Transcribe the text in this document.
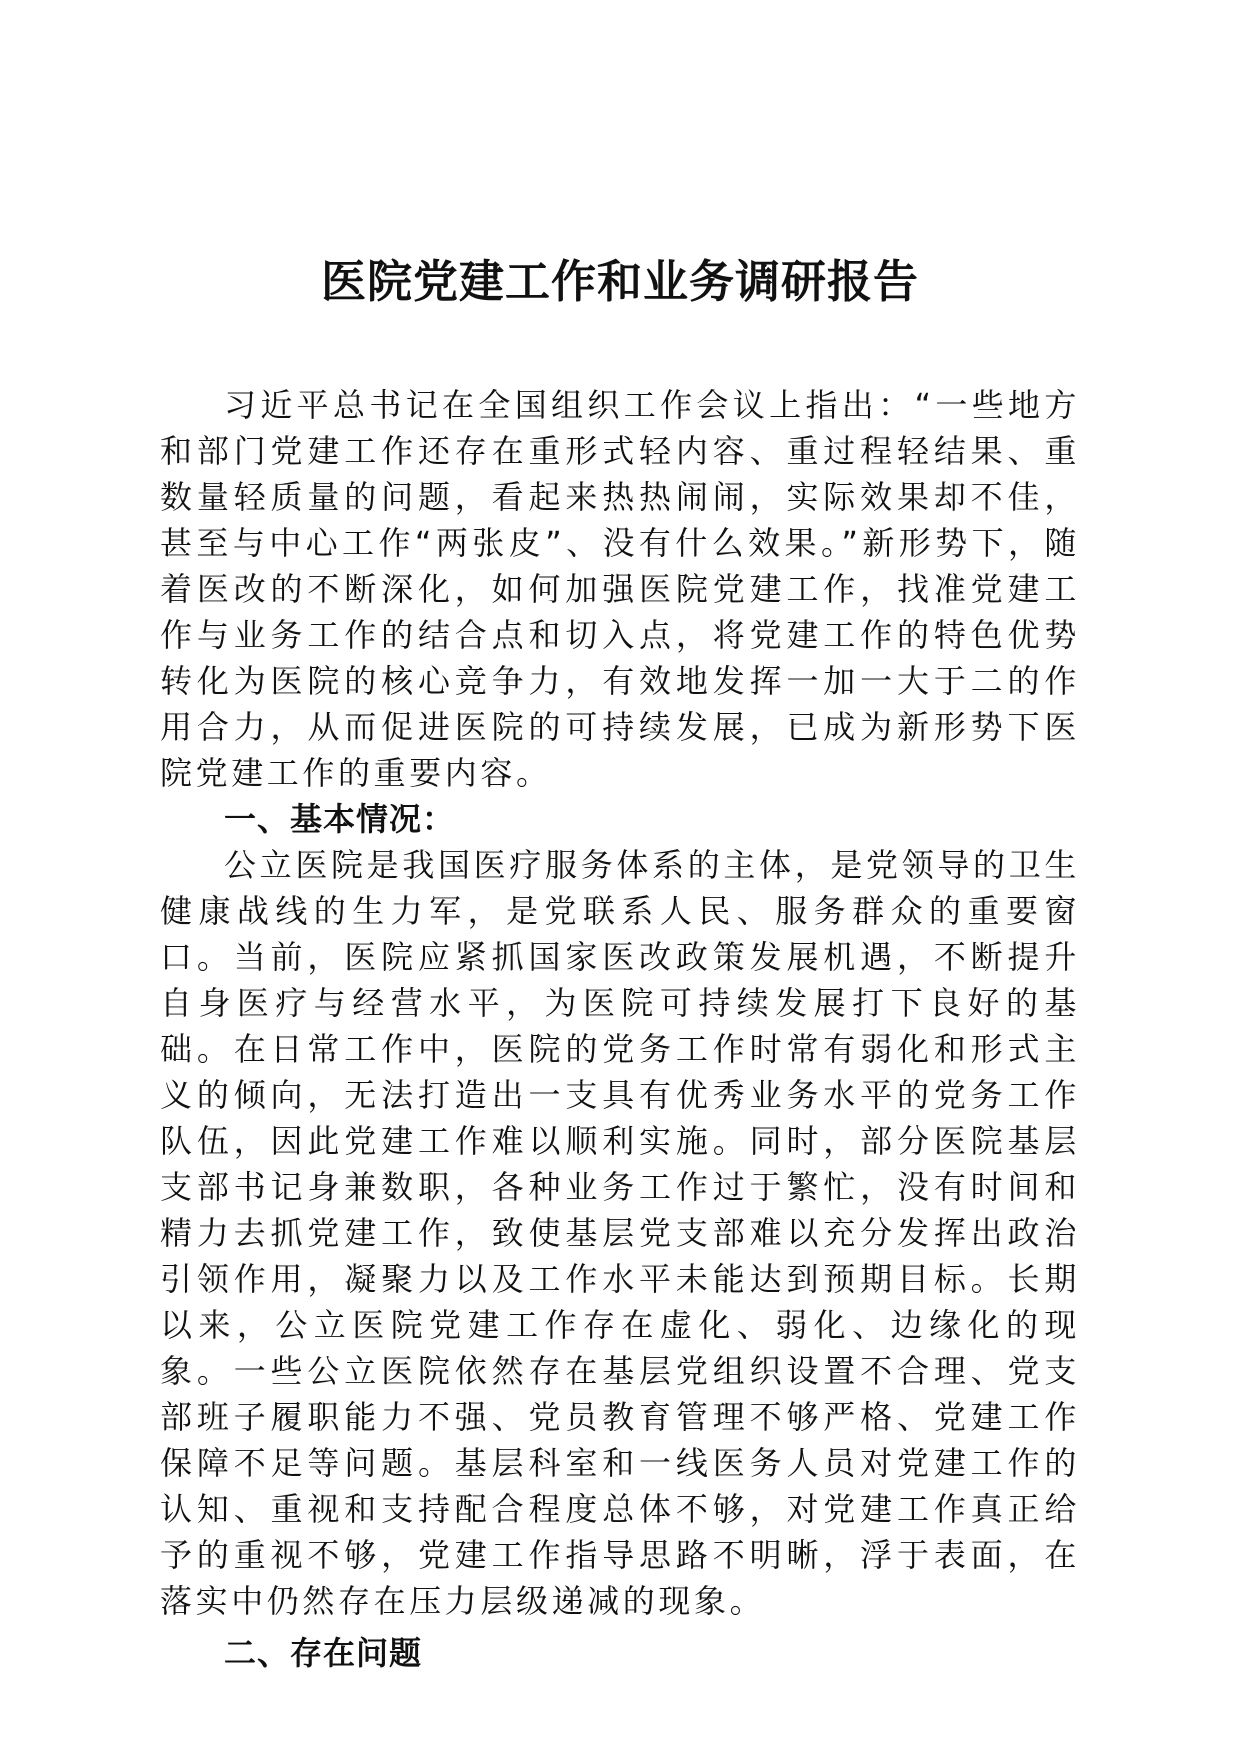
医院党建工作和业务调研报告

习近平总书记在全国组织工作会议上指出：“一些地方和部门党建工作还存在重形式轻内容、重过程轻结果、重数量轻质量的问题，看起来热热闹闹，实际效果却不佳，甚至与中心工作“两张皮”、没有什么效果。”新形势下，随着医改的不断深化，如何加强医院党建工作，找准党建工作与业务工作的结合点和切入点，将党建工作的特色优势转化为医院的核心竞争力，有效地发挥一加一大于二的作用合力，从而促进医院的可持续发展，已成为新形势下医院党建工作的重要内容。

一、基本情况：

公立医院是我国医疗服务体系的主体，是党领导的卫生健康战线的生力军，是党联系人民、服务群众的重要窗口。当前，医院应紧抓国家医改政策发展机遇，不断提升自身医疗与经营水平，为医院可持续发展打下良好的基础。在日常工作中，医院的党务工作时常有弱化和形式主义的倾向，无法打造出一支具有优秀业务水平的党务工作队伍，因此党建工作难以顺利实施。同时，部分医院基层支部书记身兼数职，各种业务工作过于繁忙，没有时间和精力去抓党建工作，致使基层党支部难以充分发挥出政治引领作用，凝聚力以及工作水平未能达到预期目标。长期以来，公立医院党建工作存在虚化、弱化、边缘化的现象。一些公立医院依然存在基层党组织设置不合理、党支部班子履职能力不强、党员教育管理不够严格、党建工作保障不足等问题。基层科室和一线医务人员对党建工作的认知、重视和支持配合程度总体不够，对党建工作真正给予的重视不够，党建工作指导思路不明晰，浮于表面，在落实中仍然存在压力层级递减的现象。

二、存在问题
